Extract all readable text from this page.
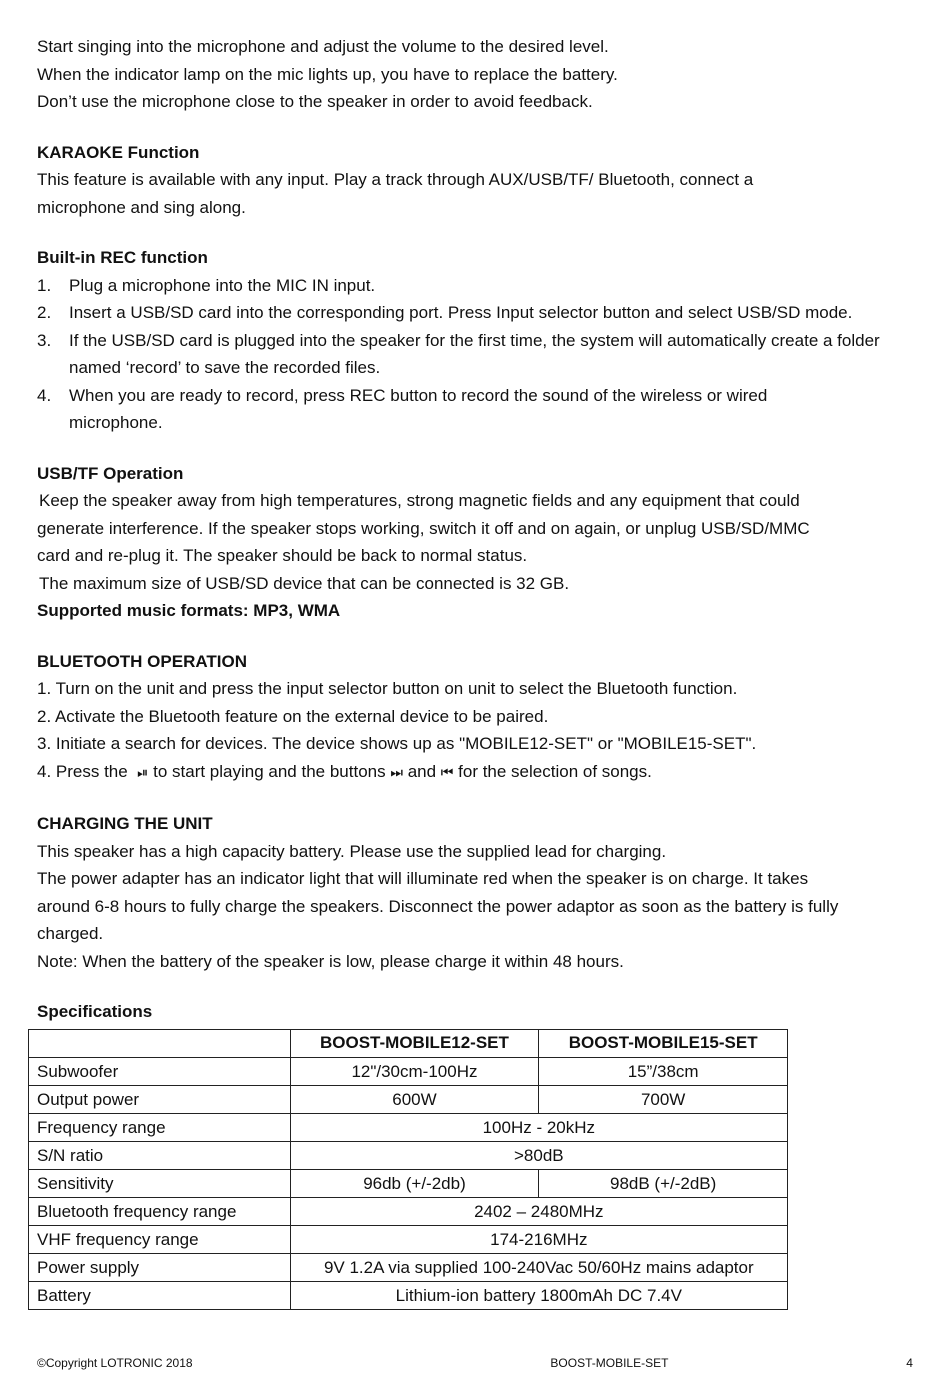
Start singing into the microphone and adjust the volume to the desired level.
When the indicator lamp on the mic lights up, you have to replace the battery.
Don’t use the microphone close to the speaker in order to avoid feedback.
KARAOKE Function
This feature is available with any input. Play a track through AUX/USB/TF/ Bluetooth, connect a
microphone and sing along.
Built-in REC function
1.	Plug a microphone into the MIC IN input.
2.	Insert a USB/SD card into the corresponding port. Press Input selector button and select USB/SD mode.
3.	If the USB/SD card is plugged into the speaker for the first time, the system will automatically create a folder named ‘record’ to save the recorded files.
4.	When you are ready to record, press REC button to record the sound of the wireless or wired microphone.
USB/TF Operation
Keep the speaker away from high temperatures, strong magnetic fields and any equipment that could
generate interference. If the speaker stops working, switch it off and on again, or unplug USB/SD/MMC
card and re-plug it. The speaker should be back to normal status.
The maximum size of USB/SD device that can be connected is 32 GB.
Supported music formats: MP3, WMA
BLUETOOTH OPERATION
1. Turn on the unit and press the input selector button on unit to select the Bluetooth function.
2. Activate the Bluetooth feature on the external device to be paired.
3. Initiate a search for devices. The device shows up as "MOBILE12-SET" or "MOBILE15-SET".
4. Press the ⏯ to start playing and the buttons ⏭ and ⏮ for the selection of songs.
CHARGING THE UNIT
This speaker has a high capacity battery. Please use the supplied lead for charging.
The power adapter has an indicator light that will illuminate red when the speaker is on charge. It takes
around 6-8 hours to fully charge the speakers. Disconnect the power adaptor as soon as the battery is fully
charged.
Note: When the battery of the speaker is low, please charge it within 48 hours.
Specifications
	BOOST-MOBILE12-SET	BOOST-MOBILE15-SET
Subwoofer	12"/30cm-100Hz	15”/38cm
Output power	600W	700W
Frequency range	100Hz - 20kHz	
S/N ratio	>80dB	
Sensitivity	96db (+/-2db)	98dB (+/-2dB)
Bluetooth frequency range	2402 – 2480MHz	
VHF frequency range	174-216MHz	
Power supply	9V 1.2A via supplied 100-240Vac 50/60Hz mains adaptor	
Battery	Lithium-ion battery 1800mAh DC 7.4V	
©Copyright LOTRONIC 2018	BOOST-MOBILE-SET	4
